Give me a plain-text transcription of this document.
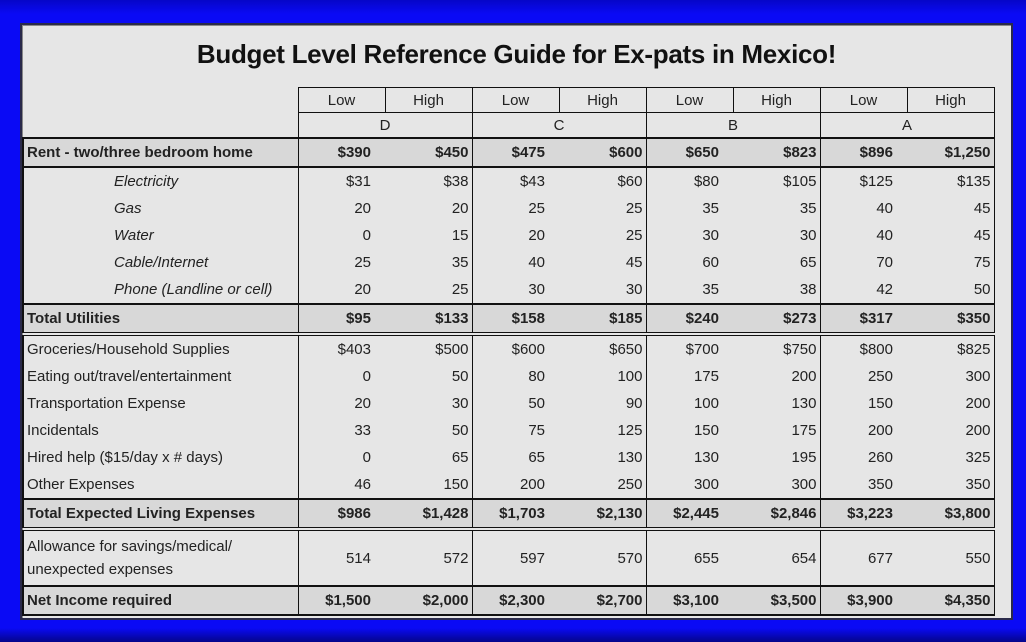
Budget Level Reference Guide for Ex-pats in Mexico!
	Low	High	Low	High	Low	High	Low	High
	D		C		B		A	
Rent - two/three bedroom home	$390	$450	$475	$600	$650	$823	$896	$1,250
Electricity	$31	$38	$43	$60	$80	$105	$125	$135
Gas	20	20	25	25	35	35	40	45
Water	0	15	20	25	30	30	40	45
Cable/Internet	25	35	40	45	60	65	70	75
Phone (Landline or cell)	20	25	30	30	35	38	42	50
Total Utilities	$95	$133	$158	$185	$240	$273	$317	$350
Groceries/Household Supplies	$403	$500	$600	$650	$700	$750	$800	$825
Eating out/travel/entertainment	0	50	80	100	175	200	250	300
Transportation Expense	20	30	50	90	100	130	150	200
Incidentals	33	50	75	125	150	175	200	200
Hired help ($15/day x # days)	0	65	65	130	130	195	260	325
Other Expenses	46	150	200	250	300	300	350	350
Total Expected Living Expenses	$986	$1,428	$1,703	$2,130	$2,445	$2,846	$3,223	$3,800
Allowance for savings/medical/ unexpected expenses	514	572	597	570	655	654	677	550
Net Income required	$1,500	$2,000	$2,300	$2,700	$3,100	$3,500	$3,900	$4,350
